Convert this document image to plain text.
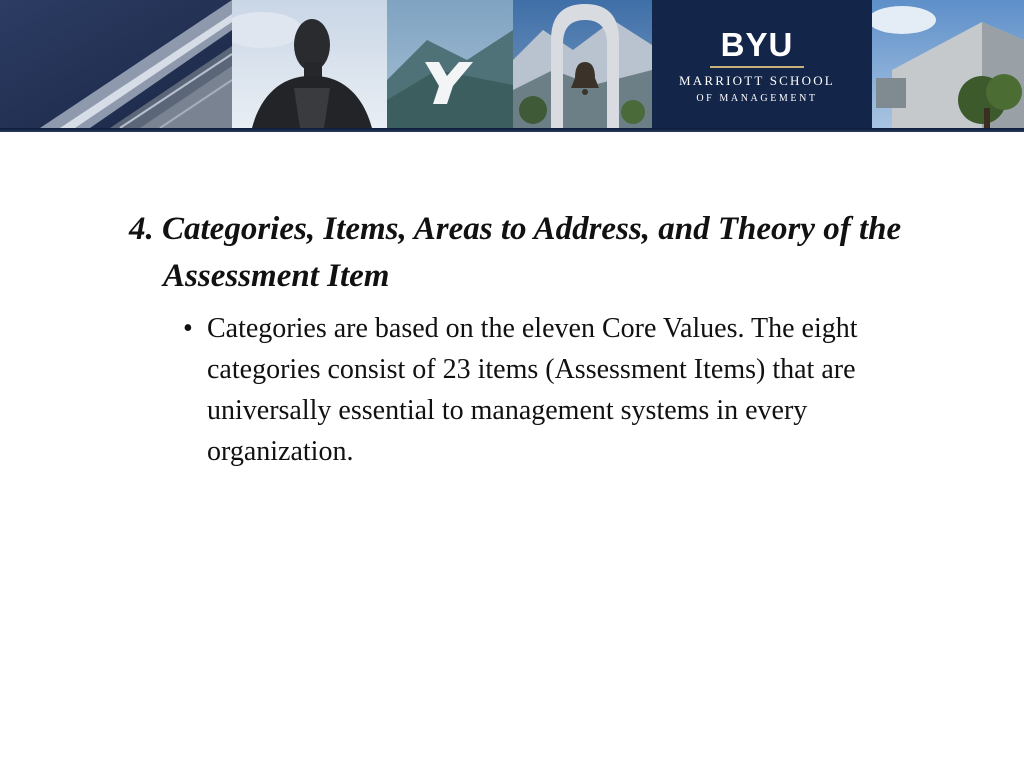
BYU
MARRIOTT SCHOOL
OF MANAGEMENT

4. Categories, Items, Areas to Address, and Theory of the Assessment Item

• Categories are based on the eleven Core Values. The eight categories consist of 23 items (Assessment Items) that are universally essential to management systems in every organization.
